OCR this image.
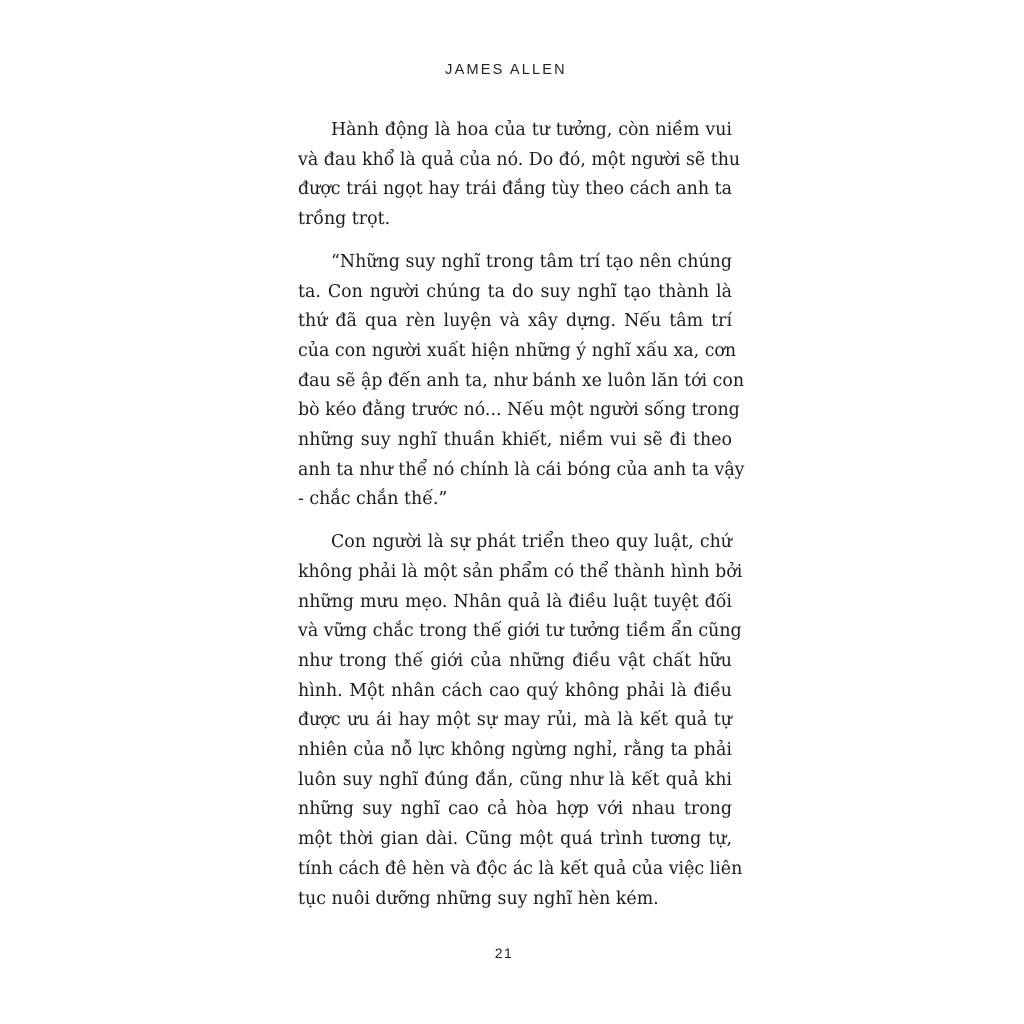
JAMES ALLEN
Hành động là hoa của tư tưởng, còn niềm vui
và đau khổ là quả của nó. Do đó, một người sẽ thu
được trái ngọt hay trái đắng tùy theo cách anh ta
trồng trọt.
“Những suy nghĩ trong tâm trí tạo nên chúng
ta. Con người chúng ta do suy nghĩ tạo thành là
thứ đã qua rèn luyện và xây dựng. Nếu tâm trí
của con người xuất hiện những ý nghĩ xấu xa, cơn
đau sẽ ập đến anh ta, như bánh xe luôn lăn tới con
bò kéo đằng trước nó... Nếu một người sống trong
những suy nghĩ thuần khiết, niềm vui sẽ đi theo
anh ta như thể nó chính là cái bóng của anh ta vậy
- chắc chắn thế.”
Con người là sự phát triển theo quy luật, chứ
không phải là một sản phẩm có thể thành hình bởi
những mưu mẹo. Nhân quả là điều luật tuyệt đối
và vững chắc trong thế giới tư tưởng tiềm ẩn cũng
như trong thế giới của những điều vật chất hữu
hình. Một nhân cách cao quý không phải là điều
được ưu ái hay một sự may rủi, mà là kết quả tự
nhiên của nỗ lực không ngừng nghỉ, rằng ta phải
luôn suy nghĩ đúng đắn, cũng như là kết quả khi
những suy nghĩ cao cả hòa hợp với nhau trong
một thời gian dài. Cũng một quá trình tương tự,
tính cách đê hèn và độc ác là kết quả của việc liên
tục nuôi dưỡng những suy nghĩ hèn kém.
21
